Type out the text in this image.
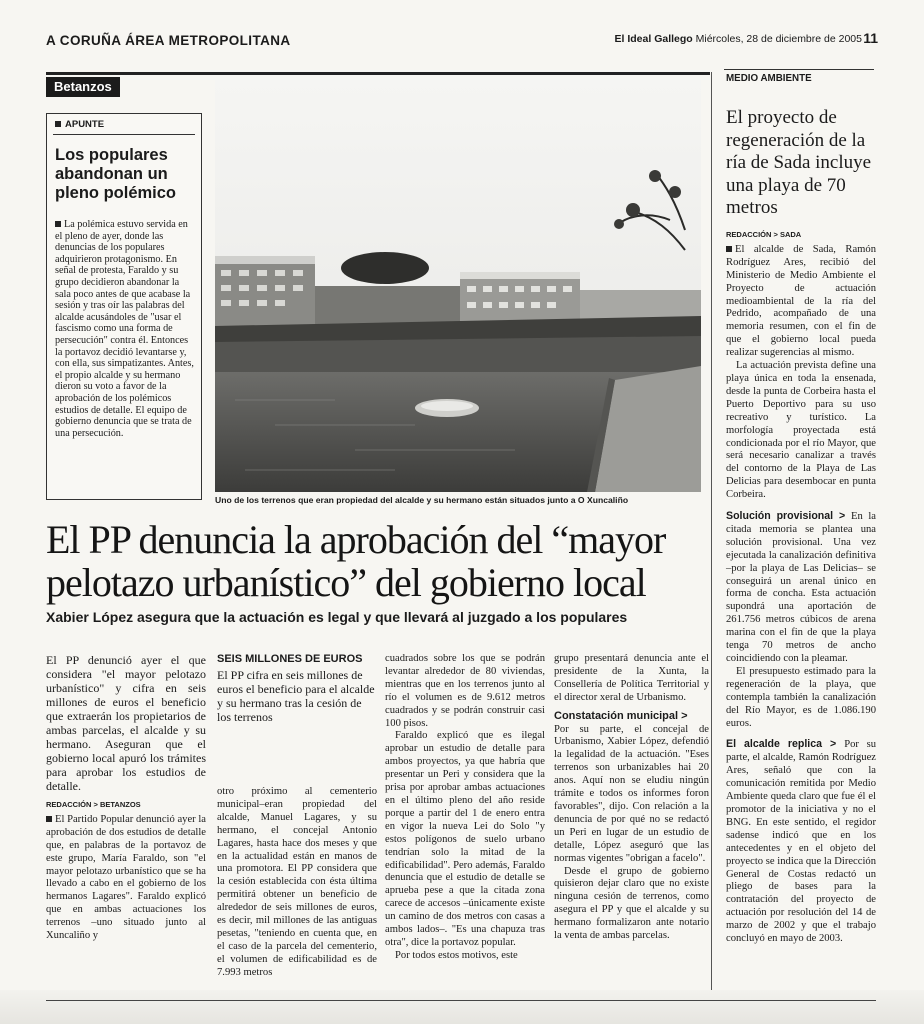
A CORUÑA ÁREA METROPOLITANA	El Ideal Gallego Miércoles, 28 de diciembre de 2005 11
Betanzos
APUNTE
Los populares abandonan un pleno polémico
La polémica estuvo servida en el pleno de ayer, donde las denuncias de los populares adquirieron protagonismo. En señal de protesta, Faraldo y su grupo decidieron abandonar la sala poco antes de que acabase la sesión y tras oír las palabras del alcalde acusándoles de "usar el fascismo como una forma de persecución" contra él. Entonces la portavoz decidió levantarse y, con ella, sus simpatizantes. Antes, el propio alcalde y su hermano dieron su voto a favor de la aprobación de los polémicos estudios de detalle. El equipo de gobierno denuncia que se trata de una persecución.
Uno de los terrenos que eran propiedad del alcalde y su hermano están situados junto a O Xuncaliño
El PP denuncia la aprobación del “mayor pelotazo urbanístico” del gobierno local
Xabier López asegura que la actuación es legal y que llevará al juzgado a los populares
El PP denunció ayer el que considera "el mayor pelotazo urbanístico" y cifra en seis millones de euros el beneficio que extraerán los propietarios de ambas parcelas, el alcalde y su hermano. Aseguran que el gobierno local apuró los trámites para aprobar los estudios de detalle.
REDACCIÓN > BETANZOS

El Partido Popular denunció ayer la aprobación de dos estudios de detalle que, en palabras de la portavoz de este grupo, María Faraldo, son "el mayor pelotazo urbanístico que se ha llevado a cabo en el gobierno de los hermanos Lagares". Faraldo explicó que en ambas actuaciones los terrenos –uno situado junto al Xuncaliño y

SEIS MILLONES DE EUROS
El PP cifra en seis millones de euros el beneficio para el alcalde y su hermano tras la cesión de los terrenos

otro próximo al cementerio municipal–eran propiedad del alcalde, Manuel Lagares, y su hermano, el concejal Antonio Lagares, hasta hace dos meses y que en la actualidad están en manos de una promotora. El PP considera que la cesión establecida con ésta última permitirá obtener un beneficio de alrededor de seis millones de euros, es decir, mil millones de las antiguas pesetas, "teniendo en cuenta que, en el caso de la parcela del cementerio, el volumen de edificabilidad es de 7.993 metros

cuadrados sobre los que se podrán levantar alrededor de 80 viviendas, mientras que en los terrenos junto al río el volumen es de 9.612 metros cuadrados y se podrán construir casi 100 pisos.

Faraldo explicó que es ilegal aprobar un estudio de detalle para ambos proyectos, ya que habría que presentar un Peri y considera que la prisa por aprobar ambas actuaciones en el último pleno del año reside porque a partir del 1 de enero entra en vigor la nueva Lei do Solo "y estos polígonos de suelo urbano tendrían solo la mitad de la edificabilidad". Pero además, Faraldo denuncia que el estudio de detalle se aprueba pese a que la citada zona carece de accesos –únicamente existe un camino de dos metros con casas a ambos lados–. "Es una chapuza tras otra", dice la portavoz popular.

Por todos estos motivos, este

grupo presentará denuncia ante el presidente de la Xunta, la Consellería de Política Territorial y el director xeral de Urbanismo.

Constatación municipal >

Por su parte, el concejal de Urbanismo, Xabier López, defendió la legalidad de la actuación. "Eses terrenos son urbanizables hai 20 anos. Aquí non se eludiu ningún trámite e todos os informes foron favorables", dijo. Con relación a la denuncia de por qué no se redactó un Peri en lugar de un estudio de detalle, López aseguró que las normas vigentes "obrigan a facelo".

Desde el grupo de gobierno quisieron dejar claro que no existe ninguna cesión de terrenos, como asegura el PP y que el alcalde y su hermano formalizaron ante notario la venta de ambas parcelas.

MEDIO AMBIENTE
El proyecto de regeneración de la ría de Sada incluye una playa de 70 metros
REDACCIÓN > SADA

El alcalde de Sada, Ramón Rodríguez Ares, recibió del Ministerio de Medio Ambiente el Proyecto de actuación medioambiental de la ría del Pedrido, acompañado de una memoria resumen, con el fin de que el gobierno local pueda realizar sugerencias al mismo.

La actuación prevista define una playa única en toda la ensenada, desde la punta de Corbeira hasta el Puerto Deportivo para su uso recreativo y turístico. La morfología proyectada está condicionada por el río Mayor, que será necesario canalizar a través del contorno de la Playa de Las Delicias para desembocar en punta Corbeira.

Solución provisional > En la citada memoria se plantea una solución provisional. Una vez ejecutada la canalización definitiva –por la playa de Las Delicias– se conseguirá un arenal único en forma de concha. Esta actuación supondrá una aportación de 261.756 metros cúbicos de arena marina con el fin de que la playa tenga 70 metros de ancho coincidiendo con la pleamar.

El presupuesto estimado para la regeneración de la playa, que contempla también la canalización del Río Mayor, es de 1.086.190 euros.

El alcalde replica > Por su parte, el alcalde, Ramón Rodríguez Ares, señaló que con la comunicación remitida por Medio Ambiente queda claro que fue él el promotor de la iniciativa y no el BNG. En este sentido, el regidor sadense indicó que en los antecedentes y en el objeto del proyecto se indica que la Dirección General de Costas redactó un pliego de bases para la contratación del proyecto de actuación por resolución del 14 de marzo de 2002 y que el trabajo concluyó en mayo de 2003.
